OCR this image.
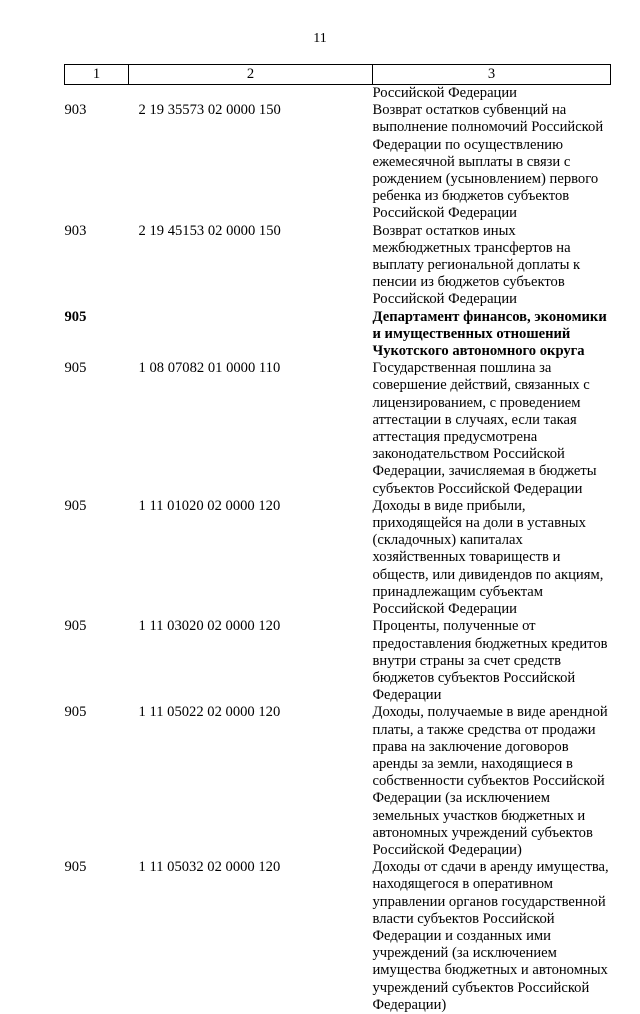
11
1	2	3
		Российской Федерации
903	2 19 35573 02 0000 150	Возврат остатков субвенций на выполнение полномочий Российской Федерации по осуществлению ежемесячной выплаты в связи с рождением (усыновлением) первого ребенка из бюджетов субъектов Российской Федерации
903	2 19 45153 02 0000 150	Возврат остатков иных межбюджетных трансфертов на выплату региональной доплаты к пенсии из бюджетов субъектов Российской Федерации
905		Департамент финансов, экономики и имущественных отношений Чукотского автономного округа
905	1 08 07082 01 0000 110	Государственная пошлина за совершение действий, связанных с лицензированием, с проведением аттестации в случаях, если такая аттестация предусмотрена законодательством Российской Федерации, зачисляемая в бюджеты субъектов Российской Федерации
905	1 11 01020 02 0000 120	Доходы в виде прибыли, приходящейся на доли в уставных (складочных) капиталах хозяйственных товариществ и обществ, или дивидендов по акциям, принадлежащим субъектам Российской Федерации
905	1 11 03020 02 0000 120	Проценты, полученные от предоставления бюджетных кредитов внутри страны за счет средств бюджетов субъектов Российской Федерации
905	1 11 05022 02 0000 120	Доходы, получаемые в виде арендной платы, а также средства от продажи права на заключение договоров аренды за земли, находящиеся в собственности субъектов Российской Федерации (за исключением земельных участков бюджетных и автономных учреждений субъектов Российской Федерации)
905	1 11 05032 02 0000 120	Доходы от сдачи в аренду имущества, находящегося в оперативном управлении органов государственной власти субъектов Российской Федерации и созданных ими учреждений (за исключением имущества бюджетных и автономных учреждений субъектов Российской Федерации)
